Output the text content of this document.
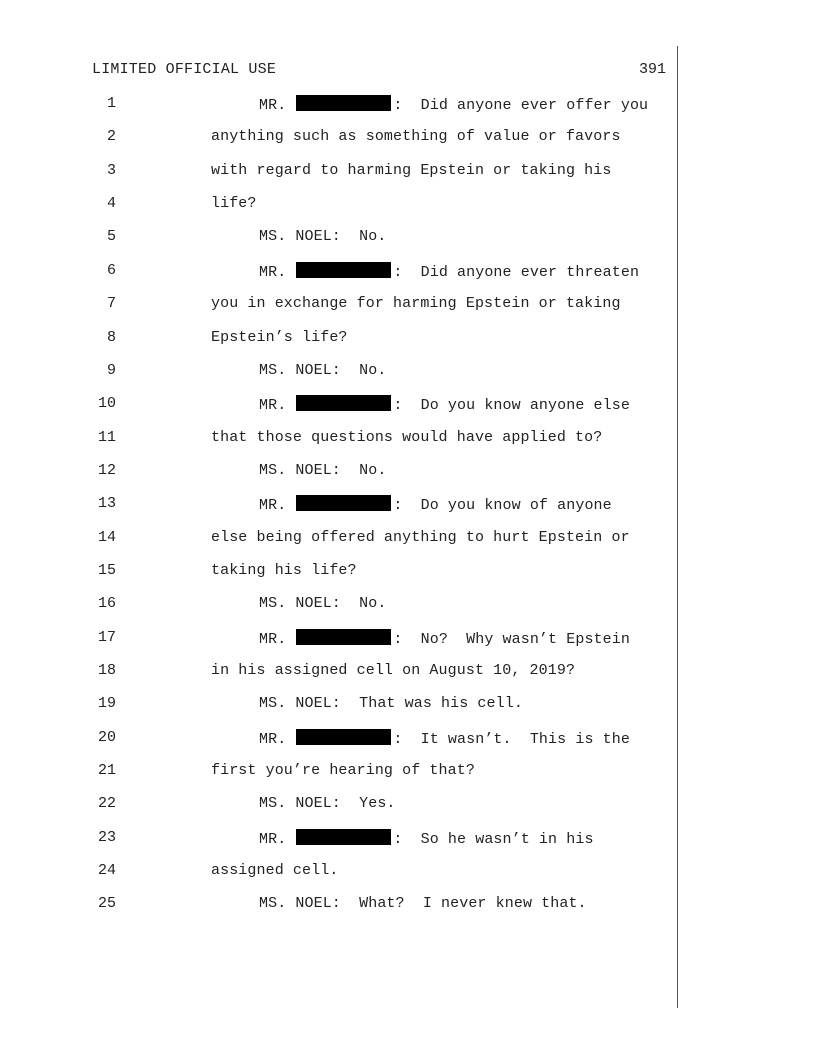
LIMITED OFFICIAL USE	391
1	MR.	:  Did anyone ever offer you
2	anything such as something of value or favors
3	with regard to harming Epstein or taking his
4	life?
5	MS. NOEL:  No.
6	MR.	:  Did anyone ever threaten
7	you in exchange for harming Epstein or taking
8	Epstein’s life?
9	MS. NOEL:  No.
10	MR.	:  Do you know anyone else
11	that those questions would have applied to?
12	MS. NOEL:  No.
13	MR.	:  Do you know of anyone
14	else being offered anything to hurt Epstein or
15	taking his life?
16	MS. NOEL:  No.
17	MR.	:  No?  Why wasn’t Epstein
18	in his assigned cell on August 10, 2019?
19	MS. NOEL:  That was his cell.
20	MR.	:  It wasn’t.  This is the
21	first you’re hearing of that?
22	MS. NOEL:  Yes.
23	MR.	:  So he wasn’t in his
24	assigned cell.
25	MS. NOEL:  What?  I never knew that.
